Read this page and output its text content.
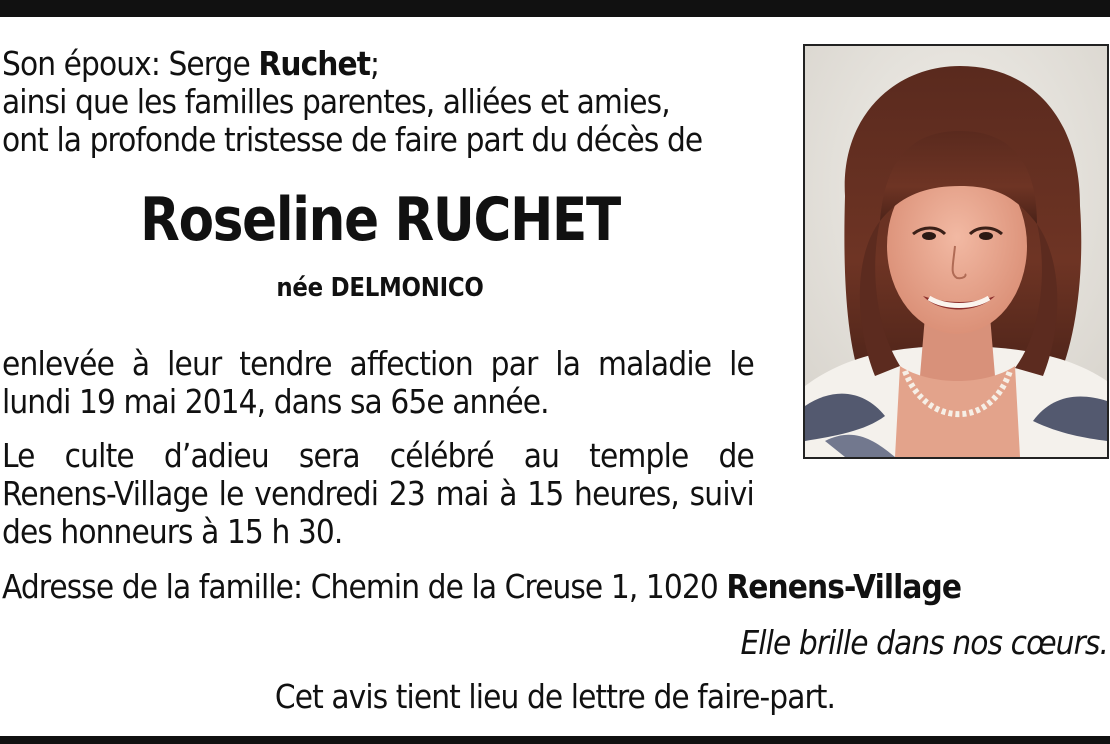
Son époux: Serge Ruchet;
ainsi que les familles parentes, alliées et amies,
ont la profonde tristesse de faire part du décès de
Roseline RUCHET
née DELMONICO
enlevée à leur tendre affection par la maladie le
lundi 19 mai 2014, dans sa 65e année.
Le culte d’adieu sera célébré au temple de
Renens-Village le vendredi 23 mai à 15 heures, suivi
des honneurs à 15 h 30.
Adresse de la famille: Chemin de la Creuse 1, 1020 Renens-Village
Elle brille dans nos cœurs.
Cet avis tient lieu de lettre de faire-part.
